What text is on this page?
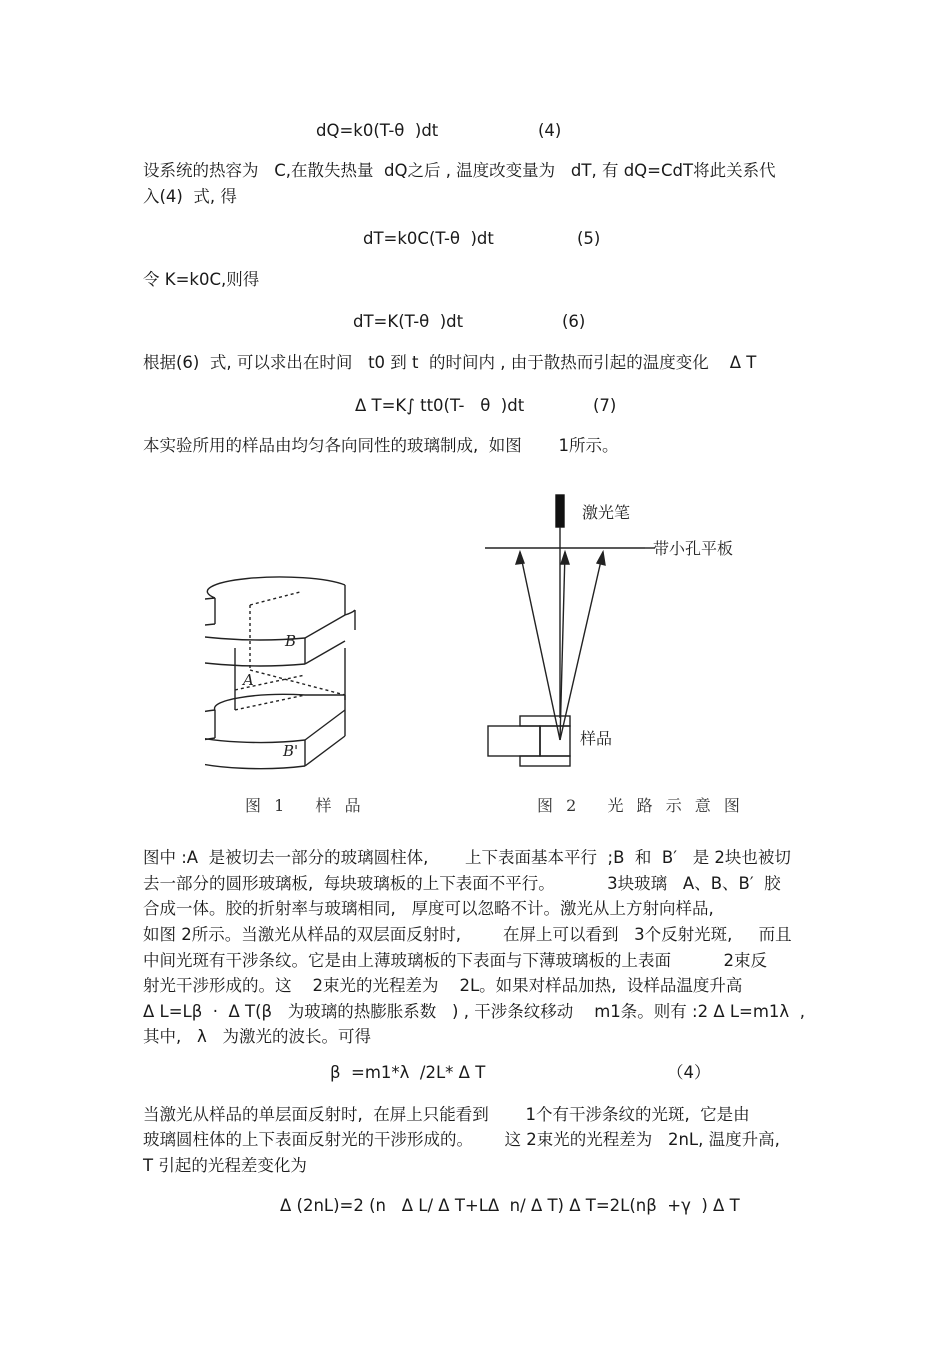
dQ=k0(T-θ  )dt	(4)
设系统的热容为   C,在散失热量  dQ之后 , 温度改变量为   dT, 有 dQ=CdT将此关系代
入(4)  式, 得
dT=k0C(T-θ  )dt	(5)
令 K=k0C,则得
dT=K(T-θ  )dt	(6)
根据(6)  式, 可以求出在时间   t0 到 t  的时间内 , 由于散热而引起的温度变化    Δ T
Δ T=K∫ tt0(T-   θ  )dt	(7)
本实验所用的样品由均匀各向同性的玻璃制成,  如图       1所示。
B
A
B'
图 1   样 品
激光笔
带小孔平板
样品
图 2   光 路 示 意 图
图中 :A  是被切去一部分的玻璃圆柱体,       上下表面基本平行  ;B  和  B′   是 2块也被切
去一部分的圆形玻璃板,  每块玻璃板的上下表面不平行。          3块玻璃   A、B、B′  胶
合成一体。胶的折射率与玻璃相同,   厚度可以忽略不计。激光从上方射向样品,
如图 2所示。当激光从样品的双层面反射时,        在屏上可以看到   3个反射光斑,     而且
中间光斑有干涉条纹。它是由上薄玻璃板的下表面与下薄玻璃板的上表面          2束反
射光干涉形成的。这    2束光的光程差为    2L。如果对样品加热,  设样品温度升高
Δ L=Lβ  ·  Δ T(β   为玻璃的热膨胀系数   ) , 干涉条纹移动    m1条。则有 :2 Δ L=m1λ  ,
其中,   λ   为激光的波长。可得
β  =m1*λ  /2L* Δ T	（4）
当激光从样品的单层面反射时,  在屏上只能看到       1个有干涉条纹的光斑,  它是由
玻璃圆柱体的上下表面反射光的干涉形成的。      这 2束光的光程差为   2nL, 温度升高,
T 引起的光程差变化为
Δ (2nL)=2 (n   Δ L/ Δ T+LΔ  n/ Δ T) Δ T=2L(nβ  +γ  ) Δ T
